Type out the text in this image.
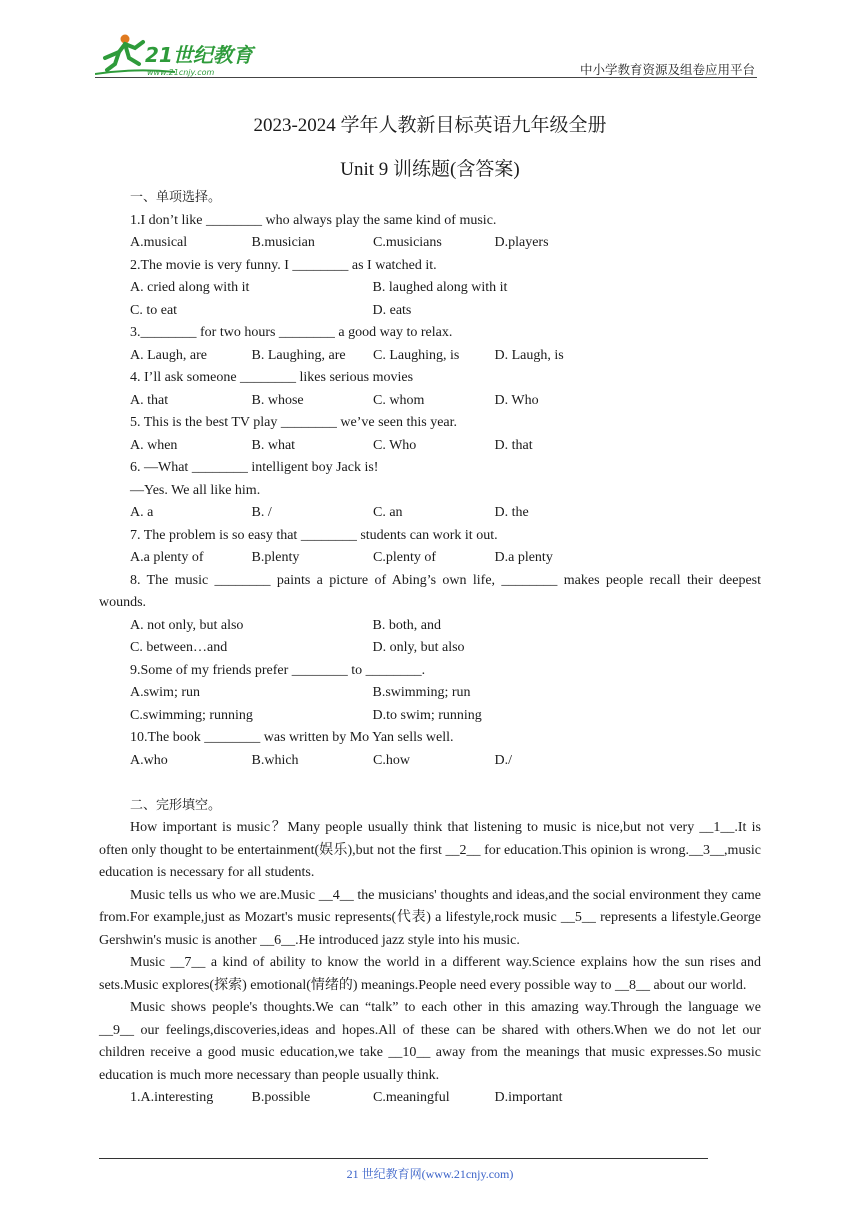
21世纪教育
www.21cnjy.com	中小学教育资源及组卷应用平台
2023-2024 学年人教新目标英语九年级全册
Unit 9 训练题(含答案)
一、单项选择。
1.I don’t like ________ who always play the same kind of music.
A.musical	B.musician	C.musicians	D.players
2.The movie is very funny. I ________ as I watched it.
A. cried along with it	B. laughed along with it
C. to eat	D. eats
3.________ for two hours ________ a good way to relax.
A. Laugh, are	B. Laughing, are C. Laughing, is	D. Laugh, is
4. I’ll ask someone ________ likes serious movies
A. that	B. whose	C. whom	D. Who
5. This is the best TV play ________ we’ve seen this year.
A. when	B. what	C. Who	D. that
6. —What ________ intelligent boy Jack is!
—Yes. We all like him.
A. a	B. /	C. an	D. the
7. The problem is so easy that ________ students can work it out.
A.a plenty of	B.plenty	C.plenty of	D.a plenty

8. The music ________ paints a picture of Abing’s own life, ________ makes people recall their deepest wounds.

A. not only, but also	B. both, and
C. between…and	D. only, but also
9.Some of my friends prefer ________ to ________.
A.swim; run	B.swimming; run
C.swimming; running	D.to swim; running
10.The book ________ was written by Mo Yan sells well.
A.who	B.which	C.how	D./
二、完形填空。

How important is music？Many people usually think that listening to music is nice,but not very __1__.It is often only thought to be entertainment(娱乐),but not the first __2__ for education.This opinion is wrong.__3__,music education is necessary for all students.

Music tells us who we are.Music __4__ the musicians' thoughts and ideas,and the social environment they came from.For example,just as Mozart's music represents(代表) a lifestyle,rock music __5__ represents a lifestyle.George Gershwin's music is another __6__.He introduced jazz style into his music.

Music __7__ a kind of ability to know the world in a different way.Science explains how the sun rises and sets.Music explores(探索) emotional(情绪的) meanings.People need every possible way to __8__ about our world.

Music shows people's thoughts.We can “talk” to each other in this amazing way.Through the language we __9__ our feelings,discoveries,ideas and hopes.All of these can be shared with others.When we do not let our children receive a good music education,we take __10__ away from the meanings that music expresses.So music education is much more necessary than people usually think.

1.A.interesting	B.possible	C.meaningful	D.important
21 世纪教育网(www.21cnjy.com)
